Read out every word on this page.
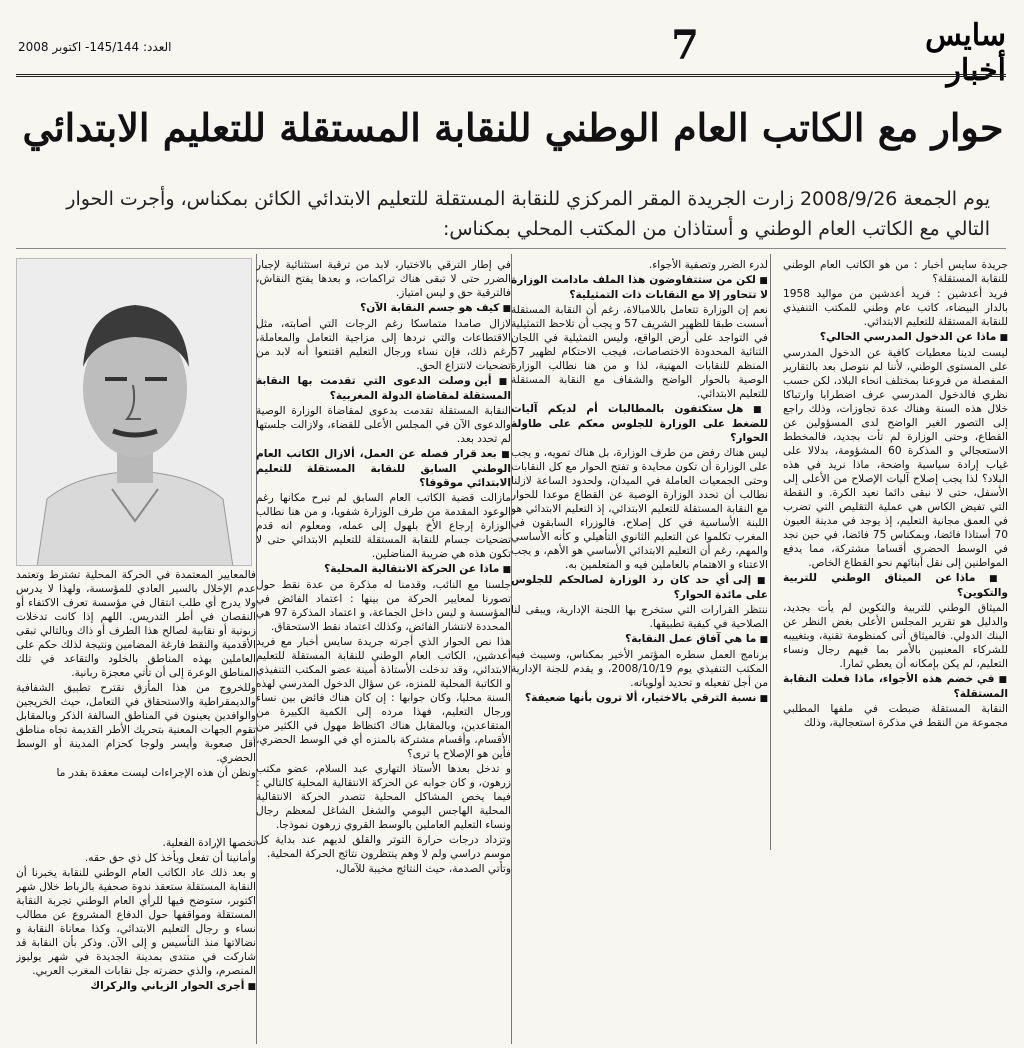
سايس أخبار
7
العدد: 145/144- اكتوبر 2008
حوار مع الكاتب العام الوطني للنقابة المستقلة للتعليم الابتدائي
يوم الجمعة 2008/9/26 زارت الجريدة المقر المركزي للنقابة المستقلة للتعليم الابتدائي الكائن بمكناس، وأجرت الحوار التالي مع الكاتب العام الوطني و أستاذان من المكتب المحلي بمكناس:

جريدة سايس أخبار : من هو الكاتب العام الوطني للنقابة المستقلة؟

فريد أعدشين : فريد أعدشين من مواليد 1958 بالدار البيضاء، كاتب عام وطني للمكتب التنفيذي للنقابة المستقلة للتعليم الابتدائي.

■ ماذا عن الدخول المدرسي الحالي؟

ليست لدينا معطيات كافية عن الدخول المدرسي على المستوى الوطني، لأننا لم نتوصل بعد بالتقارير المفصلة من فروعنا بمختلف انحاء البلاد، لكن حسب نظري فالدخول المدرسي عرف اضطرابا وارتباكا خلال هذه السنة وهناك عدة تجاوزات، وذلك راجع إلى التصور الغير الواضح لدى المسؤولين عن القطاع، وحتى الوزارة لم تأت بجديد، فالمخطط الاستعجالي و المذكرة 60 المشؤومة، بدلالا على غياب إرادة سياسية واضحة، ماذا نريد في هذه البلاد؟ لذا يجب إصلاح آليات الإصلاح من الأعلى إلى الأسفل، حتى لا نبقى دائما نعيد الكرة. و النقطة التي تفيض الكاس هي عملية التقليص التي تضرب في العمق مجانية التعليم، إذ يوجد في مدينة العيون 70 أستاذا فائضا، وبمكناس 75 فائضا، في حين نجد في الوسط الحضري أقساما مشتركة، مما يدفع المواطنين إلى نقل أبنائهم نحو القطاع الخاص.

■ ماذا عن الميثاق الوطني للتربية والتكوين؟

الميثاق الوطني للتربية والتكوين لم يأت بجديد، والدليل هو تقرير المجلس الأعلى بغض النظر عن البنك الدولي. فالميثاق أتى كمنظومة تقنية، وبتغييبه للشركاء المعنيين بالأمر بما فيهم رجال ونساء التعليم، لم يكن بإمكانه أن يعطي ثمارا.

■ في خضم هذه الأجواء، ماذا فعلت النقابة المستقلة؟

النقابة المستقلة ضبطت في ملفها المطلبي مجموعة من النقط في مذكرة استعجالية، وذلك

لدرء الضرر وتصفية الأجواء.

■ لكن من ستتفاوضون هذا الملف مادامت الوزارة لا تتحاور إلا مع النقابات ذات التمثيلية؟

نعم إن الوزارة تتعامل باللامبالاة، رغم أن النقابة المستقلة أسست طبقا للظهير الشريف 57 و يجب أن تلاحظ التمثيلية في التواجد على أرض الواقع، وليس التمثيلية في اللجان الثنائية المحدودة الاختصاصات، فيجب الاحتكام لظهير 57 المنظم للنقابات المهنية، لذا و من هنا نطالب الوزارة الوصية بالحوار الواضح والشفاف مع النقابة المستقلة للتعليم الابتدائي.

■ هل ستكتفون بالمطالبات أم لديكم آليات للضغط على الوزارة للجلوس معكم على طاولة الحوار؟

ليس هناك رفض من طرف الوزارة، بل هناك تمويه، و يجب على الوزارة أن تكون محايدة و تفتح الحوار مع كل النقابات وحتى الجمعيات العاملة في الميدان، ولحدود الساعة لازلنا نطالب أن تحدد الوزارة الوصية عن القطاع موعدا للحوار مع النقابة المستقلة للتعليم الابتدائي، إذ التعليم الابتدائي هو اللبنة الأساسية في كل إصلاح، فالوزراء السابقون في المغرب تكلموا عن التعليم الثانوي التأهيلي و كأنه الأساسي والمهم، رغم أن التعليم الابتدائي الأساسي هو الأهم، و يجب الاعتناء و الاهتمام بالعاملين فيه و المتعلمين به.

■ إلى أي حد كان رد الوزارة لصالحكم للجلوس على مائدة الحوار؟

ننتظر القرارات التي ستخرج بها اللجنة الإدارية، ويبقى لنا الصلاحية في كيفية تطبيقها.

■ ما هي آفاق عمل النقابة؟

برنامج العمل سطره المؤتمر الأخير بمكناس، وسيبث فيه المكتب التنفيذي يوم 2008/10/19، و يقدم للجنة الإدارية من أجل تفعيله و تحديد أولوياته.

■ نسبة الترقي بالاختيار، ألا ترون بأنها ضعيفة؟

في إطار الترقي بالاختيار، لابد من ترقية استثنائية لإجبار الضرر حتى لا تبقى هناك تراكمات، و بعدها يفتح النقاش، فالترقية حق و ليس امتياز.

■ كيف هو جسم النقابة الآن؟

لازال صامدا متماسكا رغم الرجات التي أصابته، مثل الاقتطاعات والتي نردها إلى مزاجية التعامل والمعاملة، رغم ذلك، فإن نساء ورجال التعليم اقتنعوا أنه لابد من تضحيات لانتزاع الحق.

■ أين وصلت الدعوى التي تقدمت بها النقابة المستقلة لمقاضاة الدولة المغربية؟

النقابة المستقلة تقدمت بدعوى لمقاضاة الوزارة الوصية والدعوى الآن في المجلس الأعلى للقضاء، ولازالت جلستها لم تحدد بعد.

■ بعد قرار فصله عن العمل، ألازال الكاتب العام الوطني السابق للنقابة المستقلة للتعليم الابتدائي موقوفا؟

مازالت قضية الكاتب العام السابق لم تبرح مكانها رغم الوعود المقدمة من طرف الوزارة شفويا، و من هنا نطالب الوزارة إرجاع الأخ بلهول إلى عمله، ومعلوم انه قدم تضحيات جسام للنقابة المستقلة للتعليم الابتدائي حتى لا تكون هذه هي ضريبة المناضلين.

■ ماذا عن الحركة الانتقالية المحلية؟

جلسنا مع النائب، وقدمنا له مذكرة من عدة نقط حول تصورنا لمعايير الحركة من بينها : اعتماد الفائض في المؤسسة و ليس داخل الجماعة، و اعتماد المذكرة 97 هي المحددة لانتشار الفائض، وكذلك اعتماد نقط الاستحقاق.

هذا نص الحوار الذي أجرته جريدة سايس أخبار مع فريد أعدشين، الكاتب العام الوطني للنقابة المستقلة للتعليم الابتدائي، وقد تدخلت الأستاذة أمينة عضو المكتب التنفيذي و الكاتبة المحلية للمنزه، عن سؤال الدخول المدرسي لهذه السنة محليا، وكان جوابها : إن كان هناك فائض بين نساء ورجال التعليم، فهذا مرده إلى الكمية الكبيرة من المتقاعدين، وبالمقابل هناك اكتظاظ مهول في الكثير من الأقسام، وأقسام مشتركة بالمنزه أي في الوسط الحضري، فأين هو الإصلاح يا ترى؟

و تدخل بعدها الأستاذ التهاري عبد السلام، عضو مكتب زرهون، و كان جوابه عن الحركة الانتقالية المحلية كالتالي : فيما يخص المشاكل المحلية تتصدر الحركة الانتقالية المحلية الهاجس اليومي والشغل الشاغل لمعظم رجال ونساء التعليم العاملين بالوسط القروي زرهون نموذجا.

وتزداد درجات حرارة التوتر والقلق لديهم عند بداية كل موسم دراسي ولم لا وهم ينتظرون نتائج الحركة المحلية.

وتأتي الصدمة، حيث النتائج مخيبة للآمال،

فالمعايير المعتمدة في الحركة المحلية تشترط وتعتمد عدم الإخلال بالسير العادي للمؤسسة، ولهذا لا يدرس ولا يدرج أي طلب انتقال في مؤسسة تعرف الاكتفاء أو النقصان في أطر التدريس. اللهم إذا كانت تدخلات زبونية أو نقابية لصالح هذا الطرف أو ذاك وبالتالي تبقى الأقدمية والنقط فارغة المضامين ونتيجة لذلك حكم على العاملين بهذه المناطق بالخلود والتقاعد في تلك المناطق الوعرة إلى أن تأتي معجزة ربانية.

وللخروج من هذا المأزق نقترح تطبيق الشفافية والديمقراطية والاستحقاق في التعامل، حيث الخريجين والوافدين يعينون في المناطق السالفة الذكر وبالمقابل تقوم الجهات المعنية بتحريك الأطر القديمة تجاه مناطق أقل صعوبة وأيسر ولوجا كحزام المدينة أو الوسط الحضري.

ونظن أن هذه الإجراءات ليست معقدة بقدر ما

تخصها الإرادة الفعلية.

وأمانينا أن تفعل ويأخذ كل ذي حق حقه.

و بعد ذلك عاد الكاتب العام الوطني للنقابة يخبرنا أن النقابة المستقلة ستعقد ندوة صحفية بالرباط خلال شهر اكتوبر، ستوضح فيها للرأي العام الوطني تجربة النقابة المستقلة ومواقفها حول الدفاع المشروع عن مطالب نساء و رجال التعليم الابتدائي، وكذا معاناة النقابة و نضالاتها منذ التأسيس و إلى الآن. وذكر بأن النقابة قد شاركت في منتدى بمدينة الجديدة في شهر يوليوز المنصرم، والذي حضرته جل نقابات المغرب العربي.

■ أجرى الحوار الزياني والركراك
